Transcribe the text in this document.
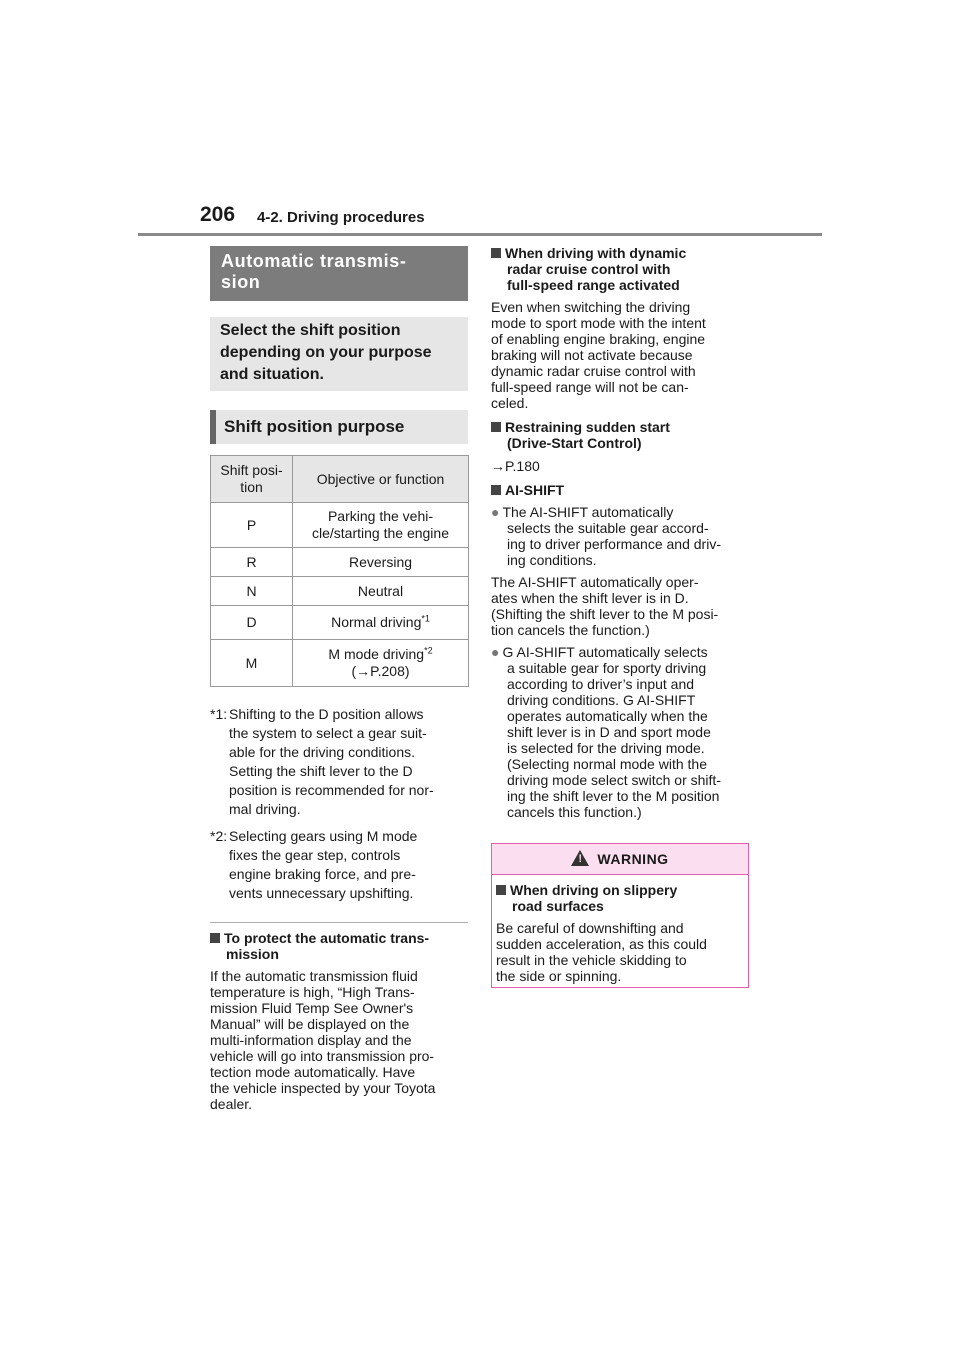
206 4-2. Driving procedures
Automatic transmis-
sion
Select the shift position
depending on your purpose
and situation.
Shift position purpose
Shift posi-
tion	Objective or function
P	Parking the vehi-
cle/starting the engine
R	Reversing
N	Neutral
D	Normal driving$^{*1}$
M	M mode driving$^{*2}$
(→P.208)
*1: Shifting to the D position allows
the system to select a gear suit-
able for the driving conditions.
Setting the shift lever to the D
position is recommended for nor-
mal driving.
*2: Selecting gears using M mode
fixes the gear step, controls
engine braking force, and pre-
vents unnecessary upshifting.
To protect the automatic trans-
mission
If the automatic transmission fluid
temperature is high, “High Trans-
mission Fluid Temp See Owner's
Manual” will be displayed on the
multi-information display and the
vehicle will go into transmission pro-
tection mode automatically. Have
the vehicle inspected by your Toyota
dealer.
When driving with dynamic
radar cruise control with
full-speed range activated
Even when switching the driving
mode to sport mode with the intent
of enabling engine braking, engine
braking will not activate because
dynamic radar cruise control with
full-speed range will not be can-
celed.
Restraining sudden start
(Drive-Start Control)
→P.180
AI-SHIFT
● The AI-SHIFT automatically
selects the suitable gear accord-
ing to driver performance and driv-
ing conditions.
The AI-SHIFT automatically oper-
ates when the shift lever is in D.
(Shifting the shift lever to the M posi-
tion cancels the function.)
● G AI-SHIFT automatically selects
a suitable gear for sporty driving
according to driver’s input and
driving conditions. G AI-SHIFT
operates automatically when the
shift lever is in D and sport mode
is selected for the driving mode.
(Selecting normal mode with the
driving mode select switch or shift-
ing the shift lever to the M position
cancels this function.)
!WARNING
When driving on slippery
road surfaces
Be careful of downshifting and
sudden acceleration, as this could
result in the vehicle skidding to
the side or spinning.
